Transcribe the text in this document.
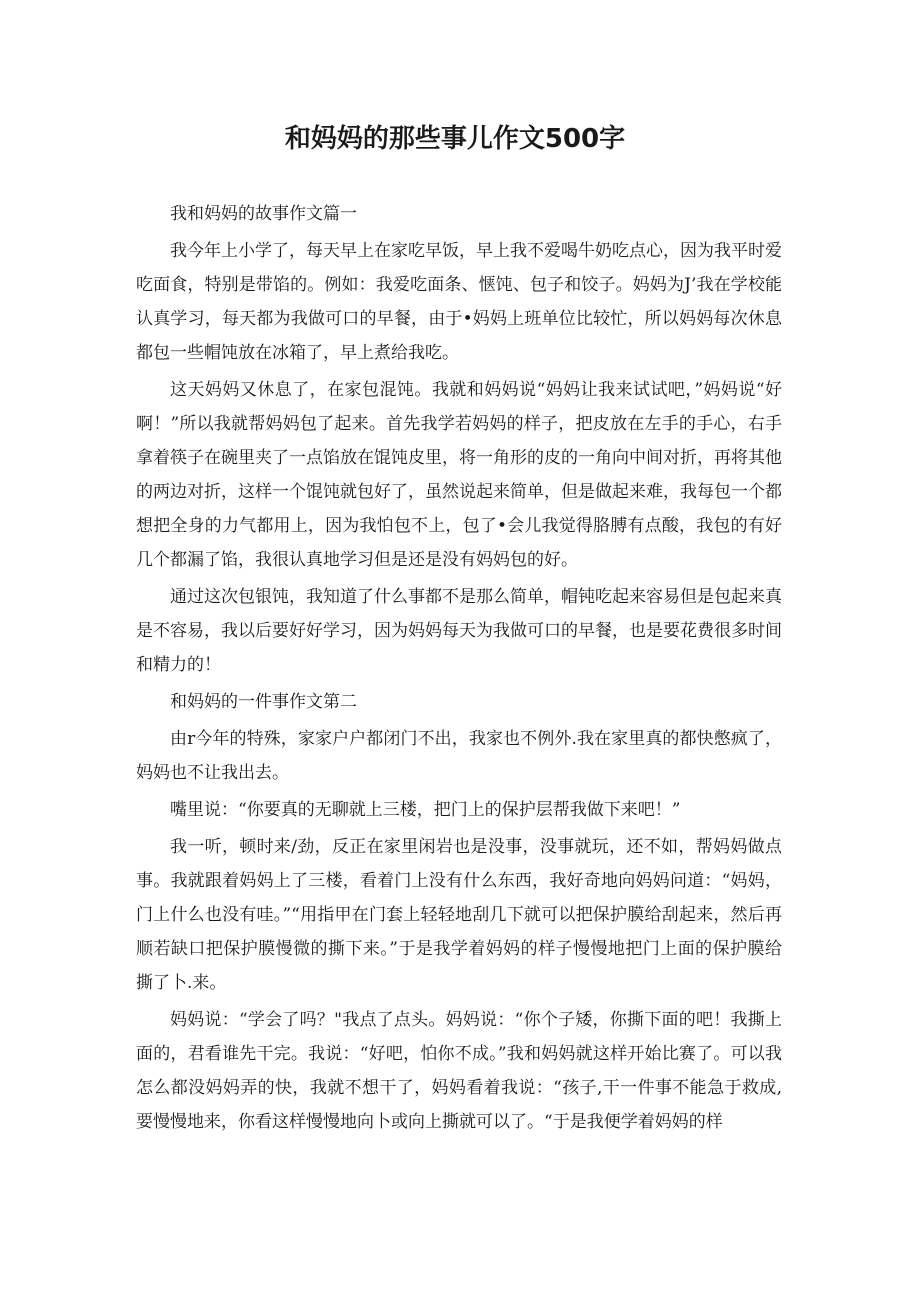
和妈妈的那些事儿作文500字

我和妈妈的故事作文篇一

我今年上小学了，每天早上在家吃早饭，早上我不爱喝牛奶吃点心，因为我平时爱吃面食，特别是带馅的。例如：我爱吃面条、惬饨、包子和饺子。妈妈为J’我在学校能认真学习，每天都为我做可口的早餐，由于•妈妈上班单位比较忙，所以妈妈每次休息都包一些帽饨放在冰箱了，早上煮给我吃。

这天妈妈又休息了，在家包混饨。我就和妈妈说“妈妈让我来试试吧，”妈妈说“好啊！”所以我就帮妈妈包了起来。首先我学若妈妈的样子，把皮放在左手的手心，右手拿着筷子在碗里夹了一点馅放在馄饨皮里，将一角形的皮的一角向中间对折，再将其他的两边对折，这样一个馄饨就包好了，虽然说起来简单，但是做起来难，我每包一个都想把全身的力气都用上，因为我怕包不上，包了•会儿我觉得胳膊有点酸，我包的有好几个都漏了馅，我很认真地学习但是还是没有妈妈包的好。

通过这次包银饨，我知道了什么事都不是那么简单，帽钝吃起来容易但是包起来真是不容易，我以后要好好学习，因为妈妈每天为我做可口的早餐，也是要花费很多时间和精力的！

和妈妈的一件事作文第二

由r今年的特殊，家家户户都闭门不出，我家也不例外.我在家里真的都快憋疯了，妈妈也不让我出去。

嘴里说：“你要真的无聊就上三楼，把门上的保护层帮我做下来吧！”

我一听，顿时来/劲，反正在家里闲岩也是没事，没事就玩，还不如，帮妈妈做点事。我就跟着妈妈上了三楼，看着门上没有什么东西，我好奇地向妈妈问道：“妈妈，门上什么也没有哇。”“用指甲在门套上轻轻地刮几下就可以把保护膜给刮起来，然后再顺若缺口把保护膜慢微的撕下来。”于是我学着妈妈的样子慢慢地把门上面的保护膜给撕了卜.来。

妈妈说：“学会了吗？"我点了点头。妈妈说：“你个子矮，你撕下面的吧！我撕上面的，君看谁先干完。我说：“好吧，怕你不成。”我和妈妈就这样开始比赛了。可以我怎么都没妈妈弄的快，我就不想干了，妈妈看着我说：“孩子,干一件事不能急于救成,要慢慢地来，你看这样慢慢地向卜或向上撕就可以了。“于是我便学着妈妈的样
